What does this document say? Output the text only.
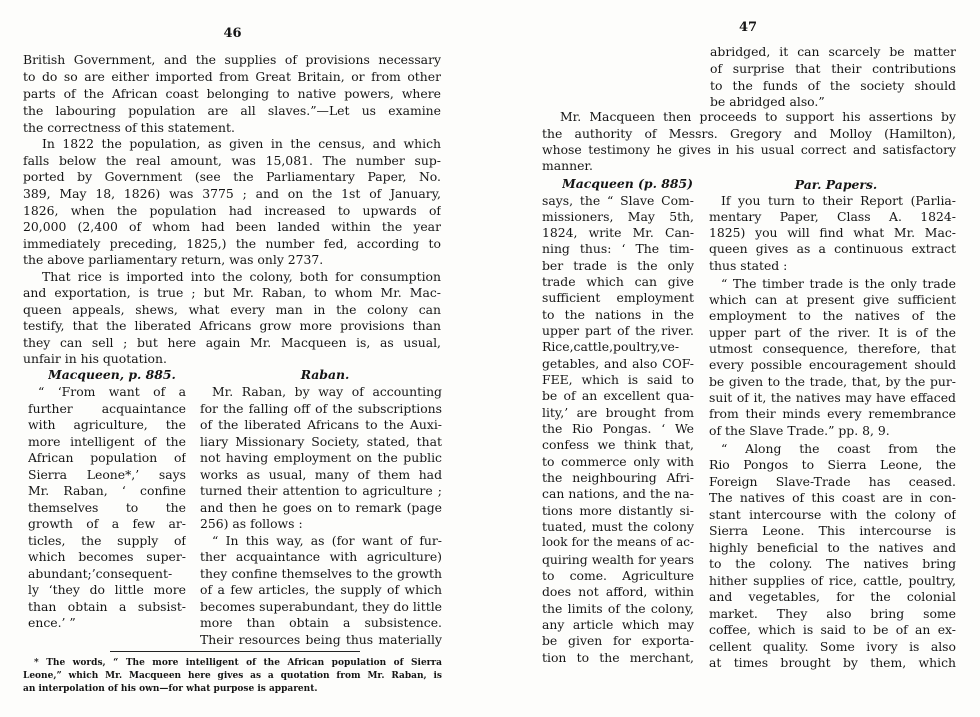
46
British Government, and the supplies of provisions necessary
to do so are either imported from Great Britain, or from other
parts of the African coast belonging to native powers, where
the labouring population are all slaves.”—Let us examine
the correctness of this statement.
In 1822 the population, as given in the census, and which
falls below the real amount, was 15,081. The number sup-
ported by Government (see the Parliamentary Paper, No.
389, May 18, 1826) was 3775 ; and on the 1st of January,
1826, when the population had increased to upwards of
20,000 (2,400 of whom had been landed within the year
immediately preceding, 1825,) the number fed, according to
the above parliamentary return, was only 2737.
That rice is imported into the colony, both for consumption
and exportation, is true ; but Mr. Raban, to whom Mr. Mac-
queen appeals, shews, what every man in the colony can
testify, that the liberated Africans grow more provisions than
they can sell ; but here again Mr. Macqueen is, as usual,
unfair in his quotation.
Macqueen, p. 885.	Raban.
“ ‘From want of a
further acquaintance
with agriculture, the
more intelligent of the
African population of
Sierra Leone*,’ says
Mr. Raban, ‘ confine
themselves to the
growth of a few ar-
ticles, the supply of
which becomes super-
abundant;’consequent-
ly ‘they do little more
than obtain a subsist-
ence.’ ”
Mr. Raban, by way of accounting
for the falling off of the subscriptions
of the liberated Africans to the Auxi-
liary Missionary Society, stated, that
not having employment on the public
works as usual, many of them had
turned their attention to agriculture ;
and then he goes on to remark (page
256) as follows :
“ In this way, as (for want of fur-
ther acquaintance with agriculture)
they confine themselves to the growth
of a few articles, the supply of which
becomes superabundant, they do little
more than obtain a subsistence.
Their resources being thus materially
* The words, “ The more intelligent of the African population of Sierra
Leone,” which Mr. Macqueen here gives as a quotation from Mr. Raban, is
an interpolation of his own—for what purpose is apparent.
47
abridged, it can scarcely be matter
of surprise that their contributions
to the funds of the society should
be abridged also.”
Mr. Macqueen then proceeds to support his assertions by
the authority of Messrs. Gregory and Molloy (Hamilton),
whose testimony he gives in his usual correct and satisfactory
manner.
Macqueen (p. 885)	Par. Papers.
says, the “ Slave Com-
missioners, May 5th,
1824, write Mr. Can-
ning thus: ‘ The tim-
ber trade is the only
trade which can give
sufficient employment
to the nations in the
upper part of the river.
Rice,cattle,poultry,ve-
getables, and also COF-
FEE, which is said to
be of an excellent qua-
lity,’ are brought from
the Rio Pongas. ‘ We
confess we think that,
to commerce only with
the neighbouring Afri-
can nations, and the na-
tions more distantly si-
tuated, must the colony
look for the means of ac-
quiring wealth for years
to come. Agriculture
does not afford, within
the limits of the colony,
any article which may
be given for exporta-
tion to the merchant,
If you turn to their Report (Parlia-
mentary Paper, Class A. 1824-
1825) you will find what Mr. Mac-
queen gives as a continuous extract
thus stated :
“ The timber trade is the only trade
which can at present give sufficient
employment to the natives of the
upper part of the river. It is of the
utmost consequence, therefore, that
every possible encouragement should
be given to the trade, that, by the pur-
suit of it, the natives may have effaced
from their minds every remembrance
of the Slave Trade.” pp. 8, 9.
“ Along the coast from the
Rio Pongos to Sierra Leone, the
Foreign Slave-Trade has ceased.
The natives of this coast are in con-
stant intercourse with the colony of
Sierra Leone. This intercourse is
highly beneficial to the natives and
to the colony. The natives bring
hither supplies of rice, cattle, poultry,
and vegetables, for the colonial
market. They also bring some
coffee, which is said to be of an ex-
cellent quality. Some ivory is also
at times brought by them, which
